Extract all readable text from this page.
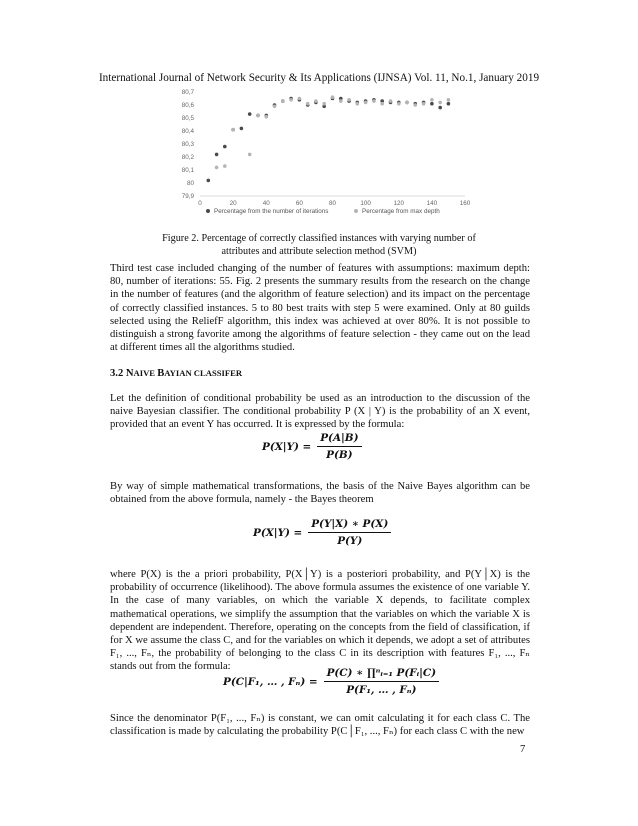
International Journal of Network Security & Its Applications (IJNSA) Vol. 11, No.1, January 2019
79,9
80
80,1
80,2
80,3
80,4
80,5
80,6
80,7
0	20	40	60	80	100	120	140	160
Percentage from the number of iterations	Percentage from max depth
Figure 2. Percentage of correctly classified instances with varying number of
attributes and attribute selection method (SVM)

Third test case included changing of the number of features with assumptions: maximum depth: 80, number of iterations: 55. Fig. 2 presents the summary results from the research on the change in the number of features (and the algorithm of feature selection) and its impact on the percentage of correctly classified instances. 5 to 80 best traits with step 5 were examined. Only at 80 guilds selected using the ReliefF algorithm, this index was achieved at over 80%. It is not possible to distinguish a strong favorite among the algorithms of feature selection - they came out on the lead at different times all the algorithms studied.

3.2 NAIVE BAYIAN CLASSIFER

Let the definition of conditional probability be used as an introduction to the discussion of the naive Bayesian classifier. The conditional probability P (X | Y) is the probability of an X event, provided that an event Y has occurred. It is expressed by the formula:

$P(X|Y) = \frac{P(A|B)}{P(B)}$

By way of simple mathematical transformations, the basis of the Naive Bayes algorithm can be obtained from the above formula, namely - the Bayes theorem

$P(X|Y) = \frac{P(Y|X) ∗ P(X)}{P(Y)}$

where P(X) is the a priori probability, P(X│Y) is a posteriori probability, and P(Y│X) is the probability of occurrence (likelihood). The above formula assumes the existence of one variable Y. In the case of many variables, on which the variable X depends, to facilitate complex mathematical operations, we simplify the assumption that the variables on which the variable X is dependent are independent. Therefore, operating on the concepts from the field of classification, if for X we assume the class C, and for the variables on which it depends, we adopt a set of attributes F₁, ..., Fₙ, the probability of belonging to the class C in its description with features F₁, ..., Fₙ stands out from the formula:

P(C|F₁, … , $F_n) = \frac{\text{P(C) ∗ ∏ⁿᵢ₌₁ P(Fᵢ|C)}}{\text{P(F₁, … , Fₙ)}}$

Since the denominator P(F₁, ..., Fₙ) is constant, we can omit calculating it for each class C. The classification is made by calculating the probability P(C│F₁, ..., Fₙ) for each class C with the new

7
